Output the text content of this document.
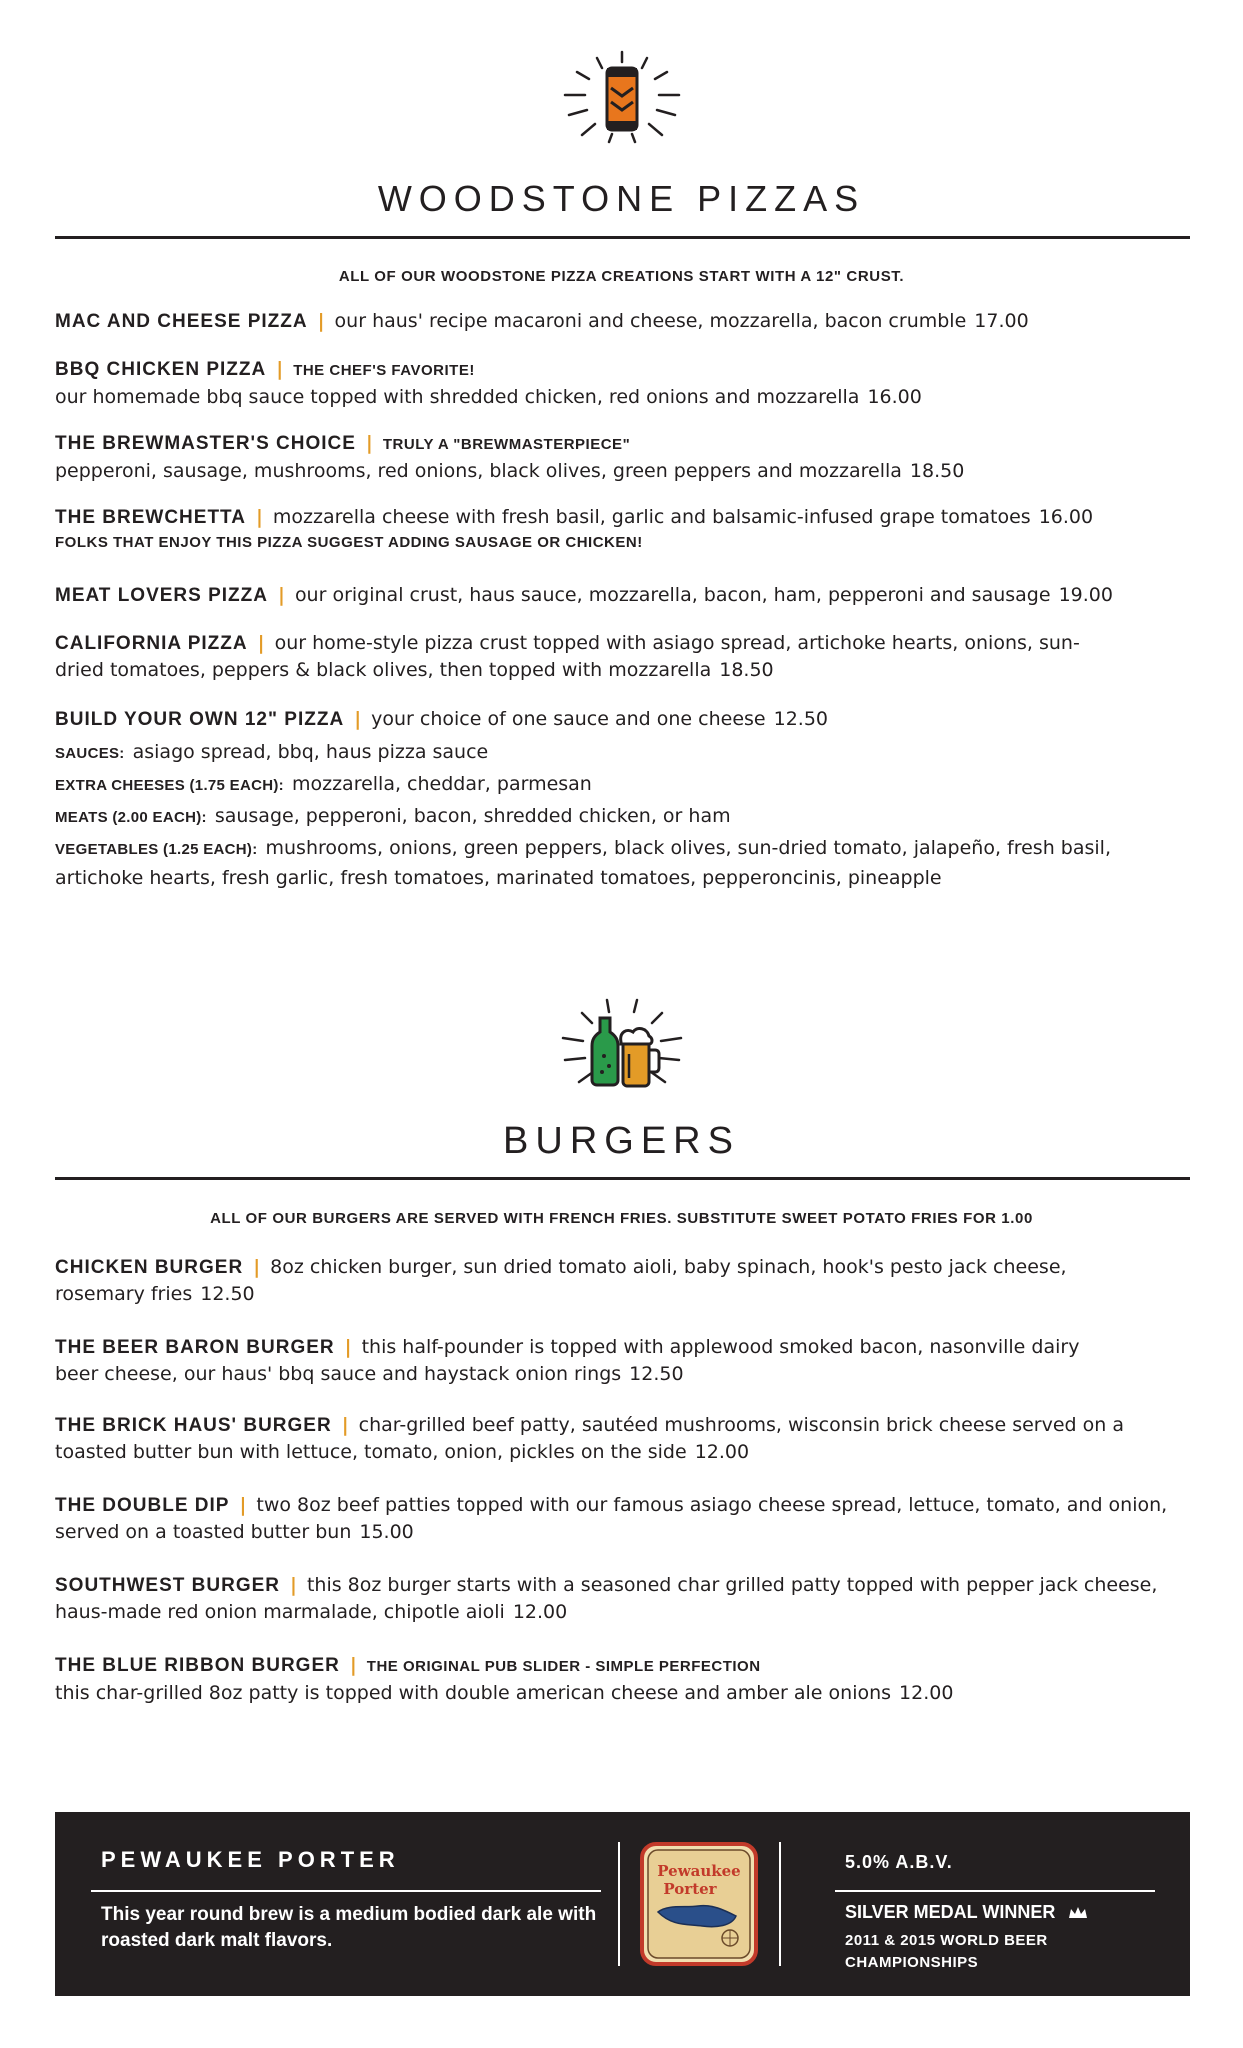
WOODSTONE PIZZAS
ALL OF OUR WOODSTONE PIZZA CREATIONS START WITH A 12" CRUST.
MAC AND CHEESE PIZZA | our haus' recipe macaroni and cheese, mozzarella, bacon crumble 17.00
BBQ CHICKEN PIZZA | THE CHEF'S FAVORITE!
our homemade bbq sauce topped with shredded chicken, red onions and mozzarella 16.00
THE BREWMASTER'S CHOICE | TRULY A "BREWMASTERPIECE"
pepperoni, sausage, mushrooms, red onions, black olives, green peppers and mozzarella 18.50
THE BREWCHETTA | mozzarella cheese with fresh basil, garlic and balsamic-infused grape tomatoes 16.00
FOLKS THAT ENJOY THIS PIZZA SUGGEST ADDING SAUSAGE OR CHICKEN!
MEAT LOVERS PIZZA | our original crust, haus sauce, mozzarella, bacon, ham, pepperoni and sausage 19.00
CALIFORNIA PIZZA | our home-style pizza crust topped with asiago spread, artichoke hearts, onions, sun-dried tomatoes, peppers & black olives, then topped with mozzarella 18.50
BUILD YOUR OWN 12" PIZZA | your choice of one sauce and one cheese 12.50
SAUCES: asiago spread, bbq, haus pizza sauce
EXTRA CHEESES (1.75 EACH): mozzarella, cheddar, parmesan
MEATS (2.00 EACH): sausage, pepperoni, bacon, shredded chicken, or ham
VEGETABLES (1.25 EACH): mushrooms, onions, green peppers, black olives, sun-dried tomato, jalapeño, fresh basil, artichoke hearts, fresh garlic, fresh tomatoes, marinated tomatoes, pepperoncinis, pineapple
BURGERS
ALL OF OUR BURGERS ARE SERVED WITH FRENCH FRIES. SUBSTITUTE SWEET POTATO FRIES FOR 1.00
CHICKEN BURGER | 8oz chicken burger, sun dried tomato aioli, baby spinach, hook's pesto jack cheese, rosemary fries 12.50
THE BEER BARON BURGER | this half-pounder is topped with applewood smoked bacon, nasonville dairy beer cheese, our haus' bbq sauce and haystack onion rings 12.50
THE BRICK HAUS' BURGER | char-grilled beef patty, sautéed mushrooms, wisconsin brick cheese served on a toasted butter bun with lettuce, tomato, onion, pickles on the side 12.00
THE DOUBLE DIP | two 8oz beef patties topped with our famous asiago cheese spread, lettuce, tomato, and onion, served on a toasted butter bun 15.00
SOUTHWEST BURGER | this 8oz burger starts with a seasoned char grilled patty topped with pepper jack cheese, haus-made red onion marmalade, chipotle aioli 12.00
THE BLUE RIBBON BURGER | THE ORIGINAL PUB SLIDER - SIMPLE PERFECTION
this char-grilled 8oz patty is topped with double american cheese and amber ale onions 12.00
PEWAUKEE PORTER
This year round brew is a medium bodied dark ale with roasted dark malt flavors.
Pewaukee
Porter
5.0% A.B.V.
SILVER MEDAL WINNER
2011 & 2015 WORLD BEER CHAMPIONSHIPS
